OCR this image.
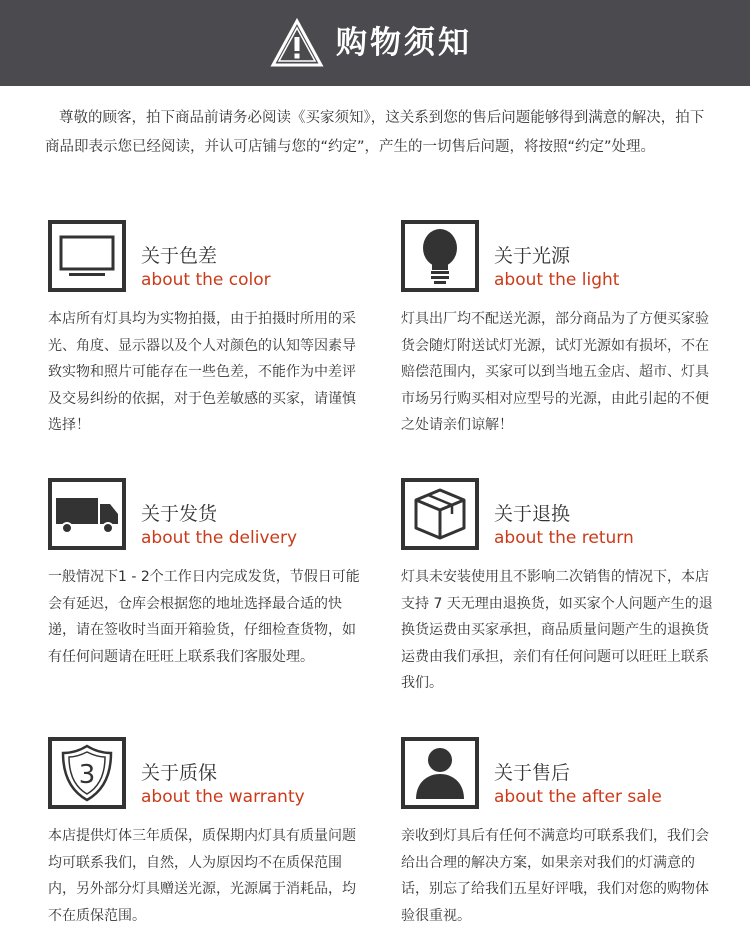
购物须知

尊敬的顾客，拍下商品前请务必阅读《买家须知》，这关系到您的售后问题能够得到满意的解决，拍下商品即表示您已经阅读，并认可店铺与您的“约定”，产生的一切售后问题，将按照“约定”处理。

关于色差
about the color

本店所有灯具均为实物拍摄，由于拍摄时所用的采光、角度、显示器以及个人对颜色的认知等因素导致实物和照片可能存在一些色差，不能作为中差评及交易纠纷的依据，对于色差敏感的买家，请谨慎选择！

关于光源
about the light

灯具出厂均不配送光源，部分商品为了方便买家验货会随灯附送试灯光源，试灯光源如有损坏，不在赔偿范围内，买家可以到当地五金店、超市、灯具市场另行购买相对应型号的光源，由此引起的不便之处请亲们谅解！

关于发货
about the delivery

一般情况下1 - 2个工作日内完成发货，节假日可能会有延迟，仓库会根据您的地址选择最合适的快递，请在签收时当面开箱验货，仔细检查货物，如有任何问题请在旺旺上联系我们客服处理。

关于退换
about the return

灯具未安装使用且不影响二次销售的情况下，本店支持 7 天无理由退换货，如买家个人问题产生的退换货运费由买家承担，商品质量问题产生的退换货运费由我们承担，亲们有任何问题可以旺旺上联系我们。

3 关于质保
about the warranty

本店提供灯体三年质保，质保期内灯具有质量问题均可联系我们，自然，人为原因均不在质保范围内，另外部分灯具赠送光源，光源属于消耗品，均不在质保范围。

关于售后
about the after sale

亲收到灯具后有任何不满意均可联系我们，我们会给出合理的解决方案，如果亲对我们的灯满意的话，别忘了给我们五星好评哦，我们对您的购物体验很重视。
